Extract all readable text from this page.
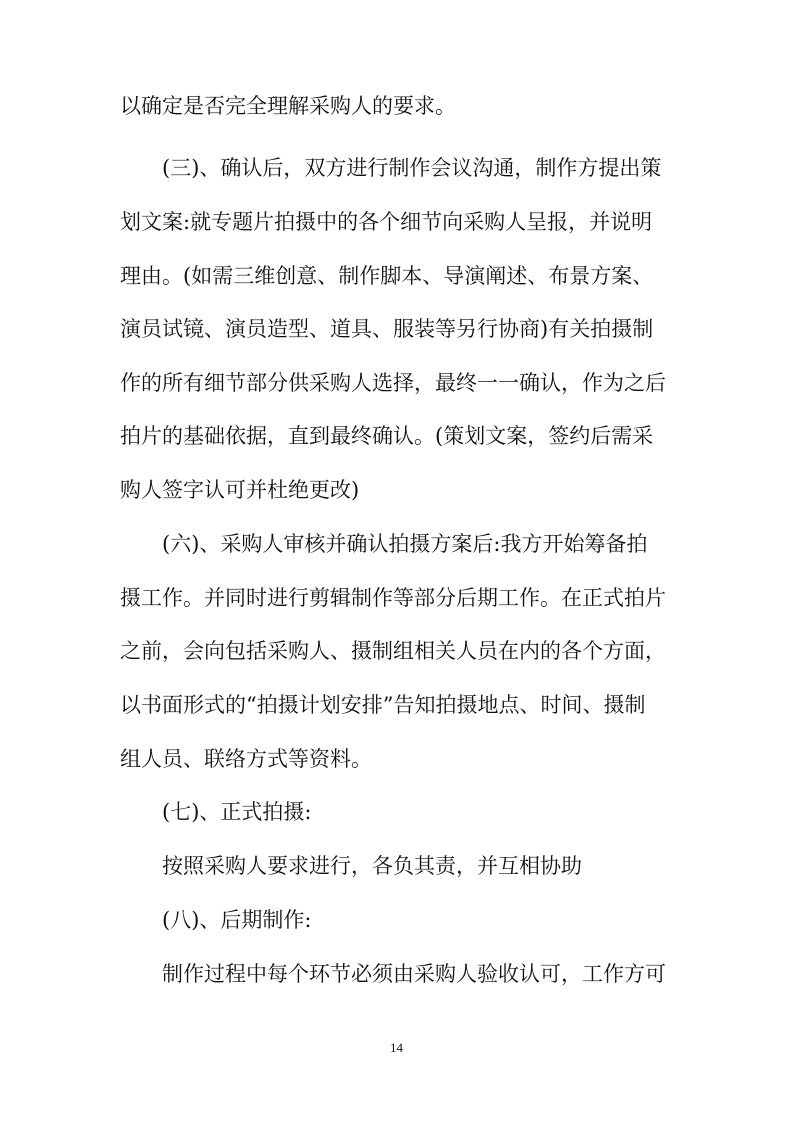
以确定是否完全理解采购人的要求。
(三)、确认后，双方进行制作会议沟通，制作方提出策
划文案:就专题片拍摄中的各个细节向采购人呈报，并说明
理由。(如需三维创意、制作脚本、导演阐述、布景方案、
演员试镜、演员造型、道具、服装等另行协商)有关拍摄制
作的所有细节部分供采购人选择，最终一一确认，作为之后
拍片的基础依据，直到最终确认。(策划文案，签约后需采
购人签字认可并杜绝更改)
(六)、采购人审核并确认拍摄方案后:我方开始筹备拍
摄工作。并同时进行剪辑制作等部分后期工作。在正式拍片
之前，会向包括采购人、摄制组相关人员在内的各个方面，
以书面形式的“拍摄计划安排”告知拍摄地点、时间、摄制
组人员、联络方式等资料。
(七)、正式拍摄:
按照采购人要求进行，各负其责，并互相协助
(八)、后期制作:
制作过程中每个环节必须由采购人验收认可，工作方可
14
